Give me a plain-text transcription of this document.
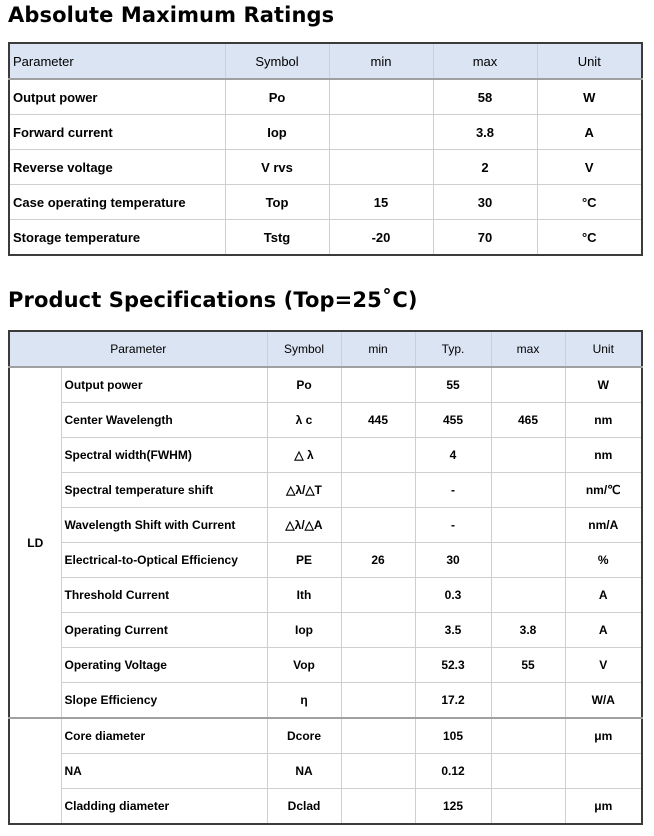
Absolute Maximum Ratings
Parameter	Symbol	min	max	Unit
Output power	Po		58	W
Forward current	Iop		3.8	A
Reverse voltage	V rvs		2	V
Case operating temperature	Top	15	30	°C
Storage temperature	Tstg	-20	70	°C
Product Specifications (Top=25˚C)
Parameter		Symbol	min	Typ.	max	Unit
LD	Output power	Po		55		W
	Center Wavelength	λ c	445	455	465	nm
	Spectral width(FWHM)	△ λ		4		nm
	Spectral temperature shift	△λ/△T		-		nm/℃
	Wavelength Shift with Current	△λ/△A		-		nm/A
	Electrical-to-Optical Efficiency	PE	26	30		%
	Threshold Current	Ith		0.3		A
	Operating Current	Iop		3.5	3.8	A
	Operating Voltage	Vop		52.3	55	V
	Slope Efficiency	η		17.2		W/A
	Core diameter	Dcore		105		μm
	NA	NA		0.12		
	Cladding diameter	Dclad		125		μm
